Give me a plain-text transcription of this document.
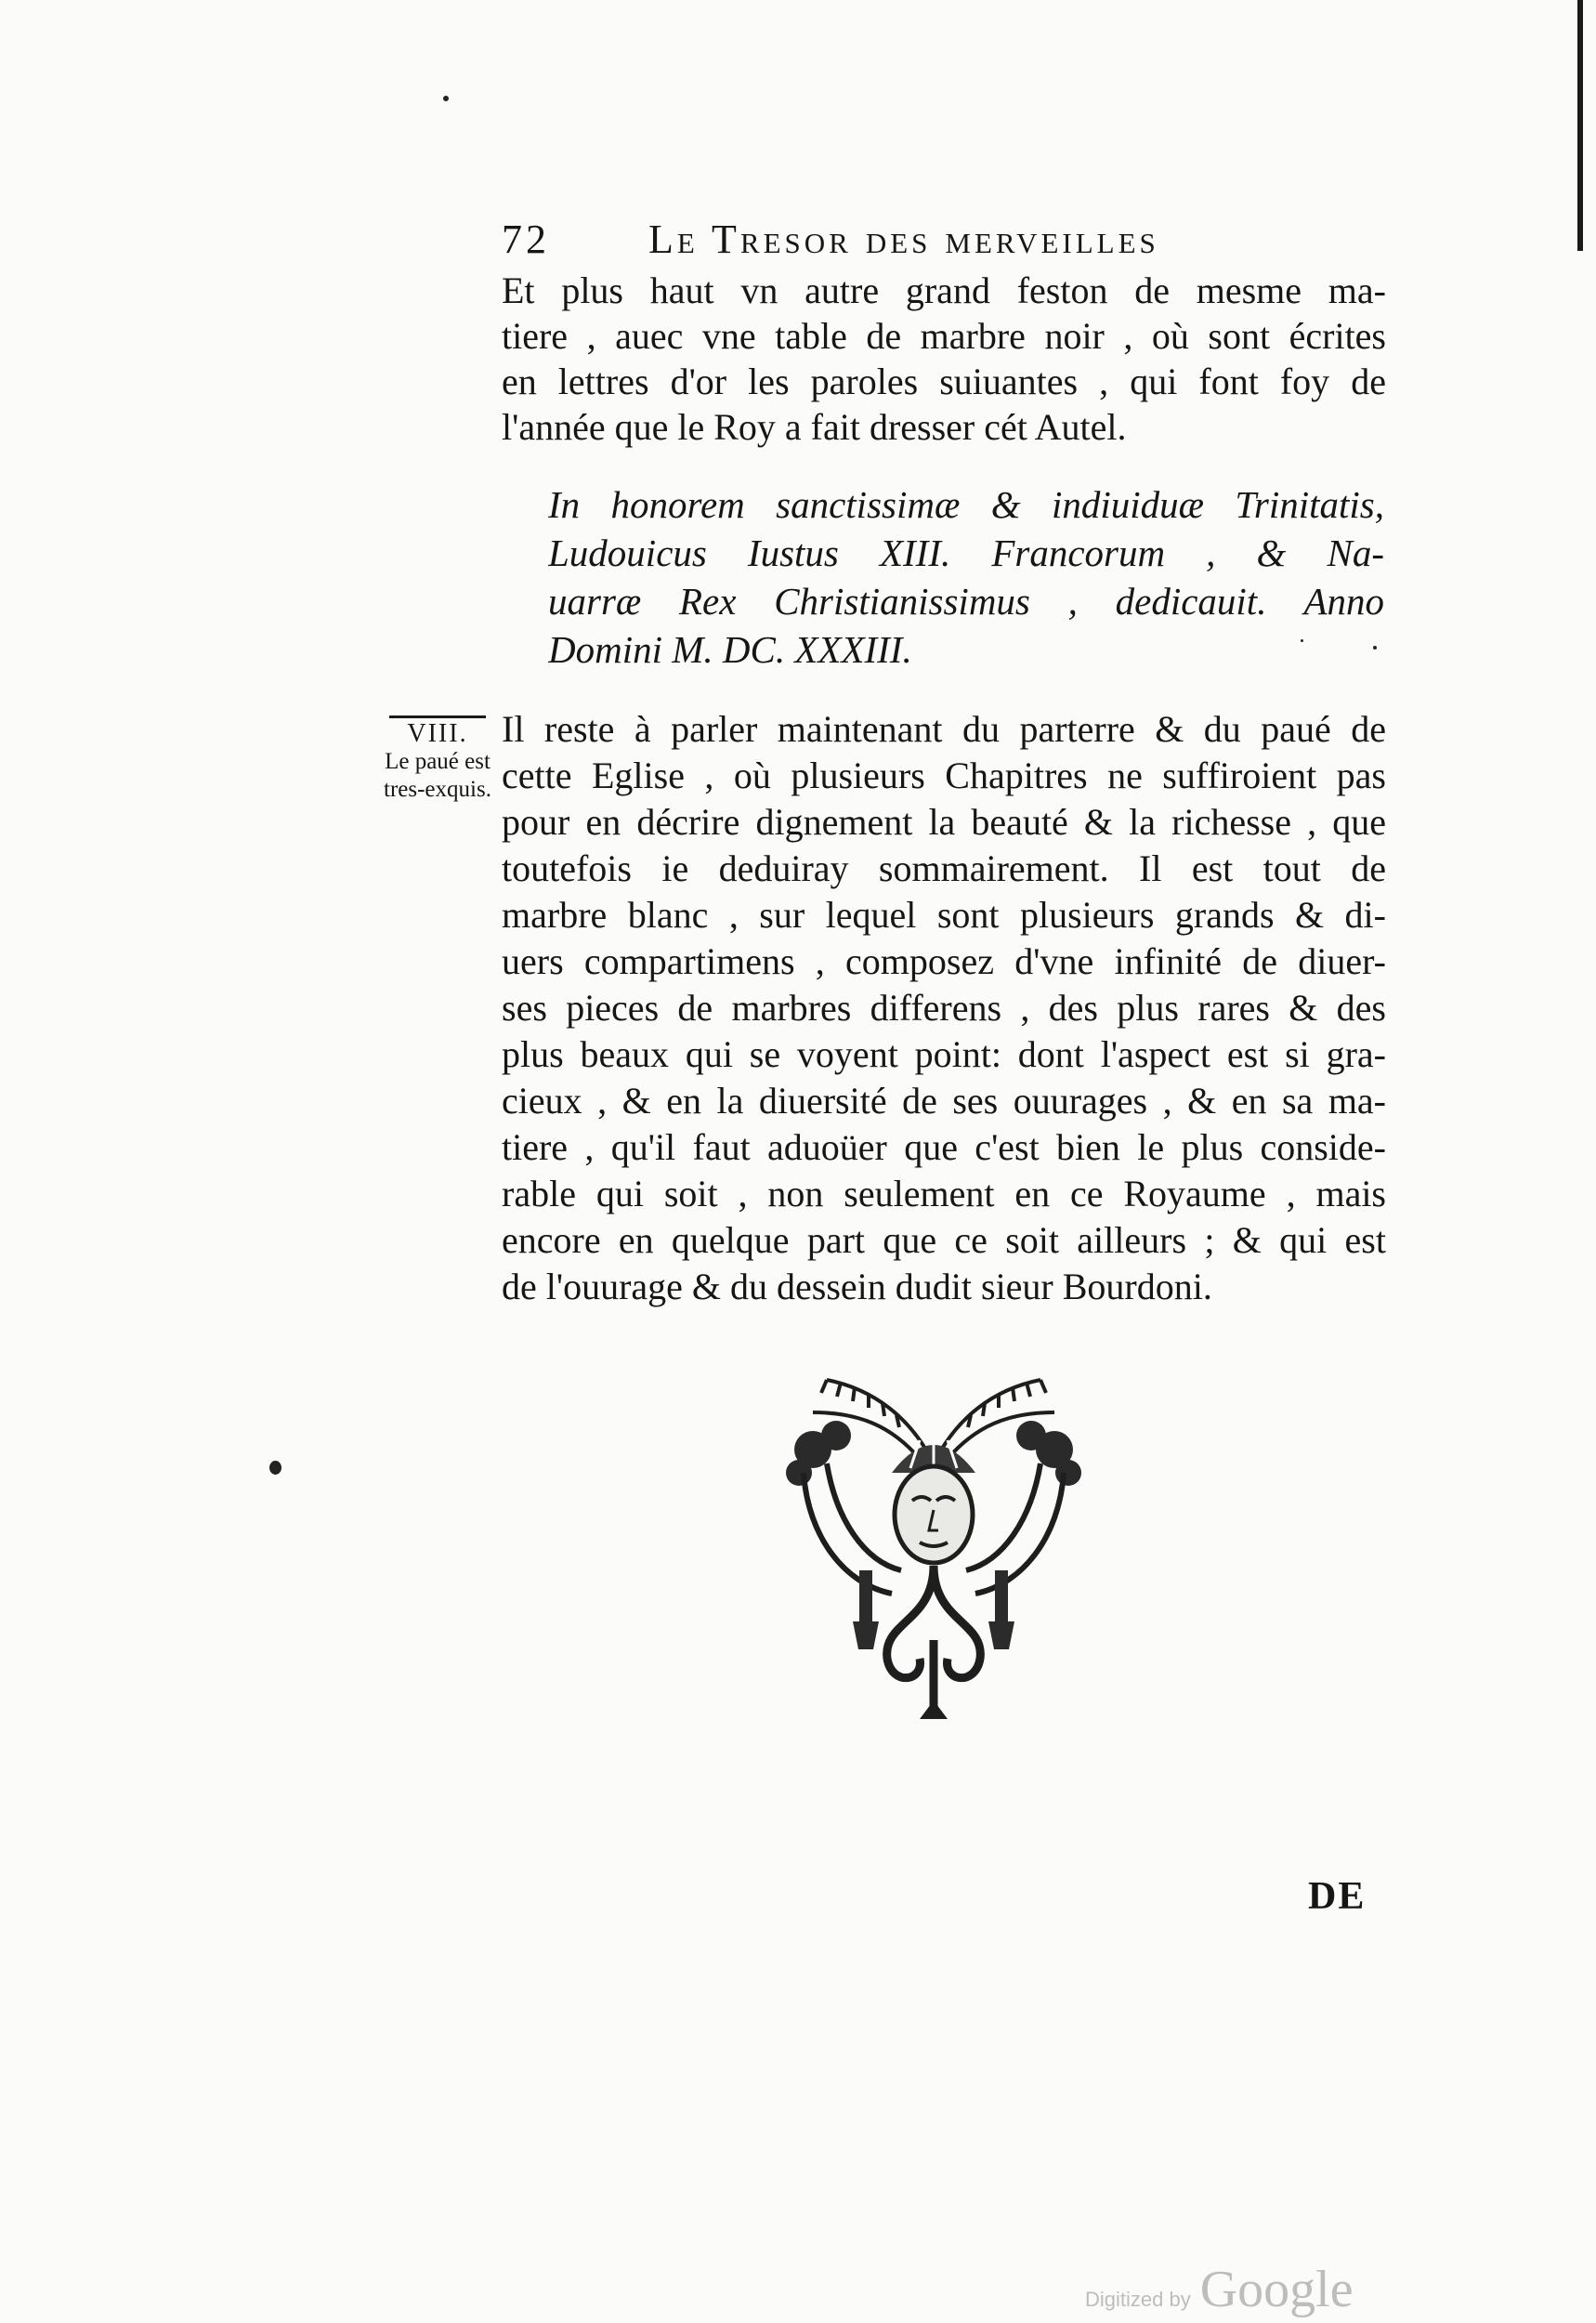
72 Le Tresor des merveilles
Et plus haut vn autre grand feston de mesme ma-
tiere , auec vne table de marbre noir , où sont écrites
en lettres d'or les paroles suiuantes , qui font foy de
l'année que le Roy a fait dresser cét Autel.
In honorem sanctissimæ & indiuiduæ Trinitatis,
Ludouicus Iustus XIII. Francorum , & Na-
uarræ Rex Christianissimus , dedicauit. Anno
Domini M. DC. XXXIII.
VIII.
Le paué est
tres-exquis.
Il reste à parler maintenant du parterre & du paué de
cette Eglise , où plusieurs Chapitres ne suffiroient pas
pour en décrire dignement la beauté & la richesse , que
toutefois ie deduiray sommairement. Il est tout de
marbre blanc , sur lequel sont plusieurs grands & di-
uers compartimens , composez d'vne infinité de diuer-
ses pieces de marbres differens , des plus rares & des
plus beaux qui se voyent point: dont l'aspect est si gra-
cieux , & en la diuersité de ses ouurages , & en sa ma-
tiere , qu'il faut aduoüer que c'est bien le plus conside-
rable qui soit , non seulement en ce Royaume , mais
encore en quelque part que ce soit ailleurs ; & qui est
de l'ouurage & du dessein dudit sieur Bourdoni.
DE
Digitized by Google
